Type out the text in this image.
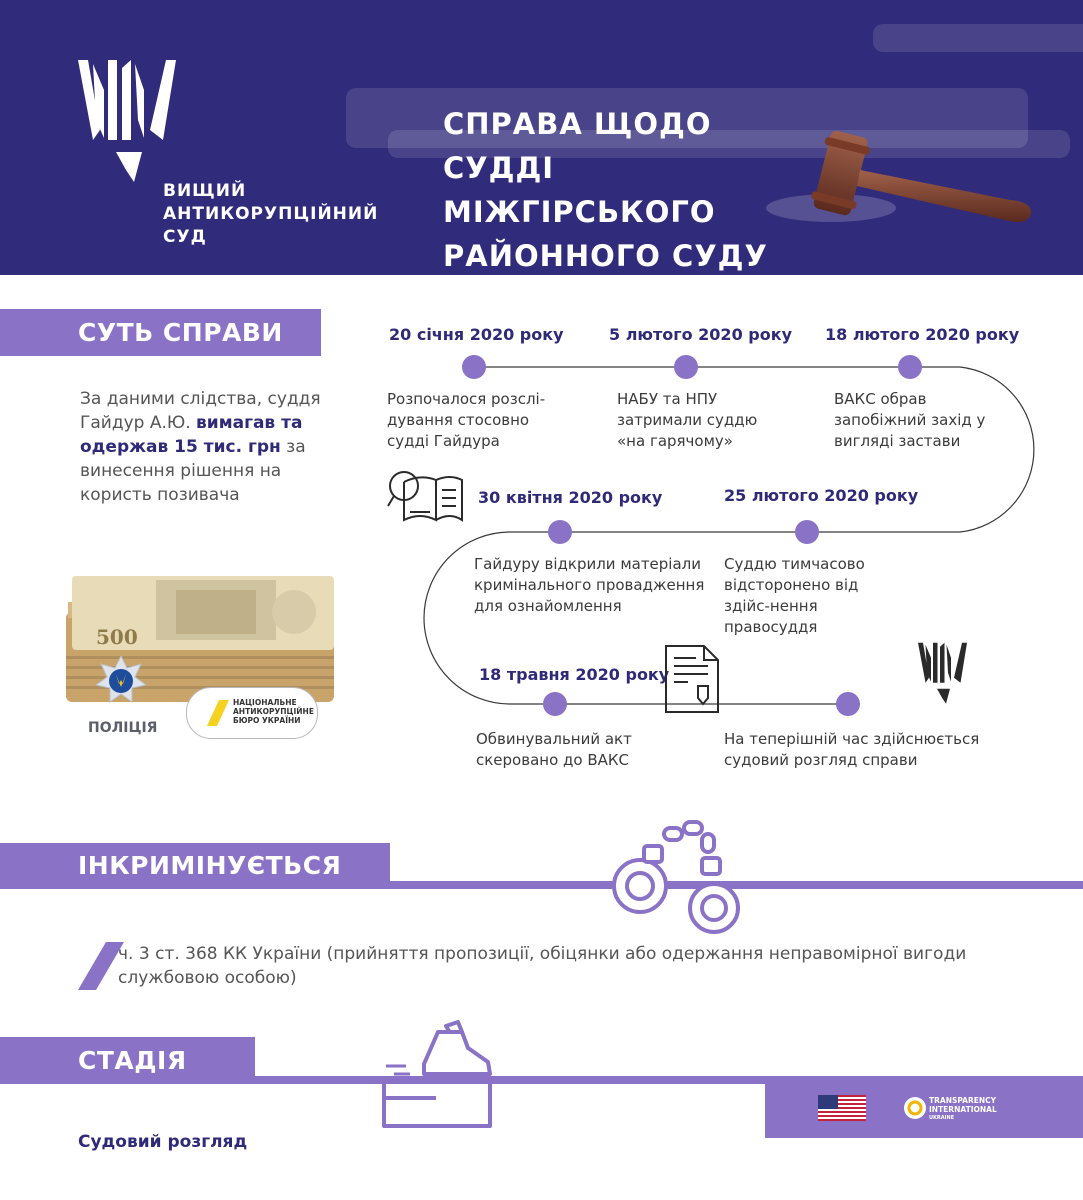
ВИЩИЙ
АНТИКОРУПЦІЙНИЙ
СУД
СПРАВА ЩОДО СУДДІ
МІЖГІРСЬКОГО
РАЙОННОГО СУДУ
СУТЬ СПРАВИ
За даними слідства, суддя Гайдур А.Ю. вимагав та одержав 15 тис. грн за винесення рішення на користь позивача
500
ПОЛІЦІЯ
НАЦІОНАЛЬНЕ
АНТИКОРУПЦІЙНЕ
БЮРО УКРАЇНИ
20 січня 2020 року	5 лютого 2020 року 18 лютого 2020 року
25 лютого 2020 року
30 квітня 2020 року
18 травня 2020 року
Розпочалося розслі-дування стосовно судді Гайдура
НАБУ та НПУ затримали суддю «на гарячому»
ВАКС обрав запобіжний захід у вигляді застави
Суддю тимчасово відсторонено від здійс-нення правосуддя
Гайдуру відкрили матеріали кримінального провадження для ознайомлення
Обвинувальний акт скеровано до ВАКС
На теперішній час здійснюється судовий розгляд справи
ІНКРИМІНУЄТЬСЯ
ч. 3 ст. 368 КК України (прийняття пропозиції, обіцянки або одержання неправомірної вигоди службовою особою)
СТАДІЯ
Судовий розгляд
TRANSPARENCY
INTERNATIONAL
UKRAINE
